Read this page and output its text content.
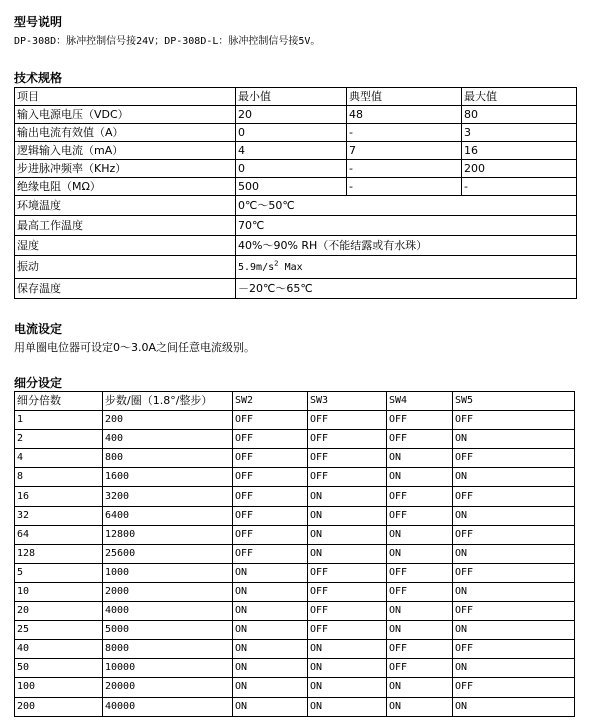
型号说明
DP-308D：脉冲控制信号接24V；DP-308D-L：脉冲控制信号接5V。
技术规格
项目	最小值	典型值	最大值
输入电源电压（VDC）	20	48	80
输出电流有效值（A）	0	-	3
逻辑输入电流（mA）	4	7	16
步进脉冲频率（KHz）	0	-	200
绝缘电阻（MΩ）	500	-	-
环境温度	0℃～50℃		
最高工作温度	70℃		
湿度	40%～90% RH（不能结露或有水珠）		
振动	$5.9m/s^2$ Max		
保存温度	－20℃～65℃		
电流设定
用单圈电位器可设定0～3.0A之间任意电流级别。
细分设定
细分倍数	步数/圈（1.8°/整步）	SW2	SW3	SW4	SW5
1	200	OFF	OFF	OFF	OFF
2	400	OFF	OFF	OFF	ON
4	800	OFF	OFF	ON	OFF
8	1600	OFF	OFF	ON	ON
16	3200	OFF	ON	OFF	OFF
32	6400	OFF	ON	OFF	ON
64	12800	OFF	ON	ON	OFF
128	25600	OFF	ON	ON	ON
5	1000	ON	OFF	OFF	OFF
10	2000	ON	OFF	OFF	ON
20	4000	ON	OFF	ON	OFF
25	5000	ON	OFF	ON	ON
40	8000	ON	ON	OFF	OFF
50	10000	ON	ON	OFF	ON
100	20000	ON	ON	ON	OFF
200	40000	ON	ON	ON	ON
